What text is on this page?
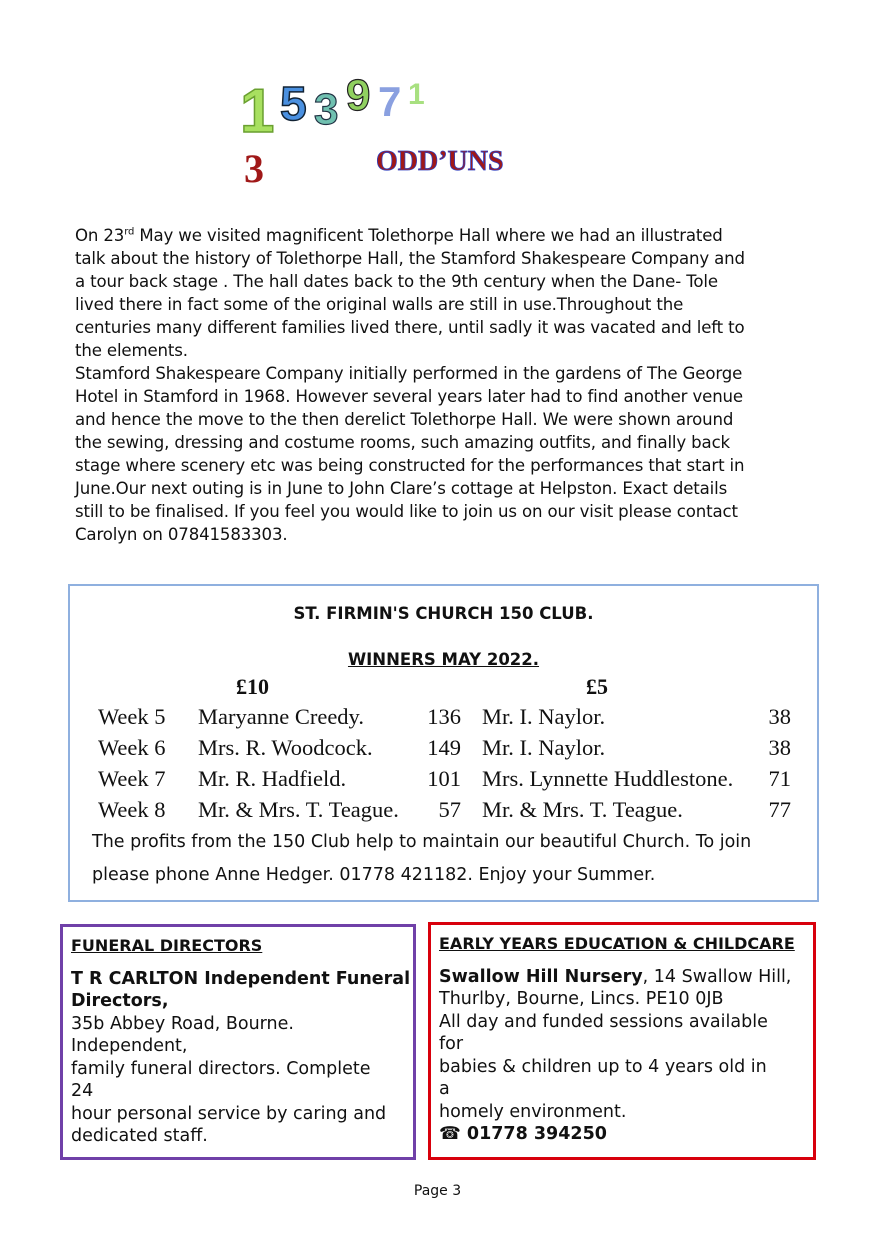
1 5 3 9 7 1
3	ODD’UNS
On 23rd May we visited magnificent Tolethorpe Hall where we had an illustrated
talk about the history of Tolethorpe Hall, the Stamford Shakespeare Company and
a tour back stage . The hall dates back to the 9th century when the Dane- Tole
lived there in fact some of the original walls are still in use.Throughout the
centuries many different families lived there, until sadly it was vacated and left to
the elements.
Stamford Shakespeare Company initially performed in the gardens of The George
Hotel in Stamford in 1968. However several years later had to find another venue
and hence the move to the then derelict Tolethorpe Hall. We were shown around
the sewing, dressing and costume rooms, such amazing outfits, and finally back
stage where scenery etc was being constructed for the performances that start in
June.Our next outing is in June to John Clare’s cottage at Helpston. Exact details
still to be finalised. If you feel you would like to join us on our visit please contact
Carolyn on 07841583303.
ST. FIRMIN'S CHURCH 150 CLUB.
WINNERS MAY 2022.
£10	£5
Week 5 Maryanne Creedy.	136 Mr. I. Naylor.	38
Week 6 Mrs. R. Woodcock. 149 Mr. I. Naylor.	38
Week 7 Mr. R. Hadfield.	101 Mrs. Lynnette Huddlestone. 71
Week 8 Mr. & Mrs. T. Teague. 57 Mr. & Mrs. T. Teague.	77
The profits from the 150 Club help to maintain our beautiful Church. To join
please phone Anne Hedger. 01778 421182. Enjoy your Summer.
FUNERAL DIRECTORS
T R CARLTON Independent Funeral
Directors,
35b Abbey Road, Bourne.
Independent,
family funeral directors. Complete
24
hour personal service by caring and
dedicated staff.
EARLY YEARS EDUCATION & CHILDCARE
Swallow Hill Nursery, 14 Swallow Hill,
Thurlby, Bourne, Lincs. PE10 0JB
All day and funded sessions available
for
babies & children up to 4 years old in
a
homely environment.
☎ 01778 394250
Page 3
